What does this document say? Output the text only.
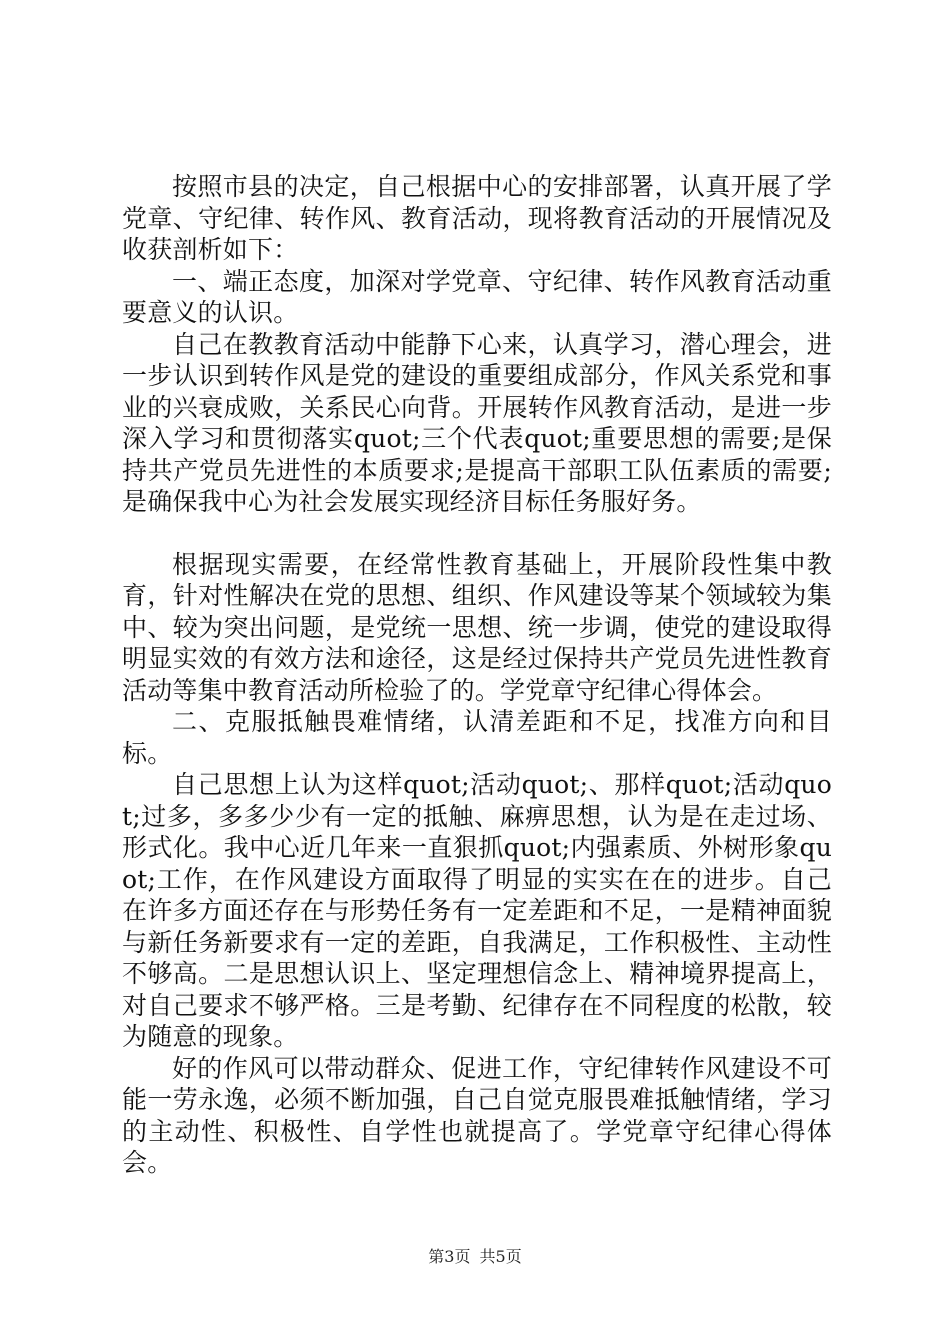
按照市县的决定，自己根据中心的安排部署，认真开展了学党章、守纪律、转作风、教育活动，现将教育活动的开展情况及收获剖析如下：

一、端正态度，加深对学党章、守纪律、转作风教育活动重要意义的认识。

自己在教教育活动中能静下心来，认真学习，潜心理会，进一步认识到转作风是党的建设的重要组成部分，作风关系党和事业的兴衰成败，关系民心向背。开展转作风教育活动，是进一步深入学习和贯彻落实quot;三个代表quot;重要思想的需要;是保持共产党员先进性的本质要求;是提高干部职工队伍素质的需要;是确保我中心为社会发展实现经济目标任务服好务。

根据现实需要，在经常性教育基础上，开展阶段性集中教育，针对性解决在党的思想、组织、作风建设等某个领域较为集中、较为突出问题，是党统一思想、统一步调，使党的建设取得明显实效的有效方法和途径，这是经过保持共产党员先进性教育活动等集中教育活动所检验了的。学党章守纪律心得体会。

二、克服抵触畏难情绪，认清差距和不足，找准方向和目标。

自己思想上认为这样quot;活动quot;、那样quot;活动quot;过多，多多少少有一定的抵触、麻痹思想，认为是在走过场、形式化。我中心近几年来一直狠抓quot;内强素质、外树形象quot;工作，在作风建设方面取得了明显的实实在在的进步。自己在许多方面还存在与形势任务有一定差距和不足，一是精神面貌与新任务新要求有一定的差距，自我满足，工作积极性、主动性不够高。二是思想认识上、坚定理想信念上、精神境界提高上，对自己要求不够严格。三是考勤、纪律存在不同程度的松散，较为随意的现象。

好的作风可以带动群众、促进工作，守纪律转作风建设不可能一劳永逸，必须不断加强，自己自觉克服畏难抵触情绪，学习的主动性、积极性、自学性也就提高了。学党章守纪律心得体会。

第3页 共5页
